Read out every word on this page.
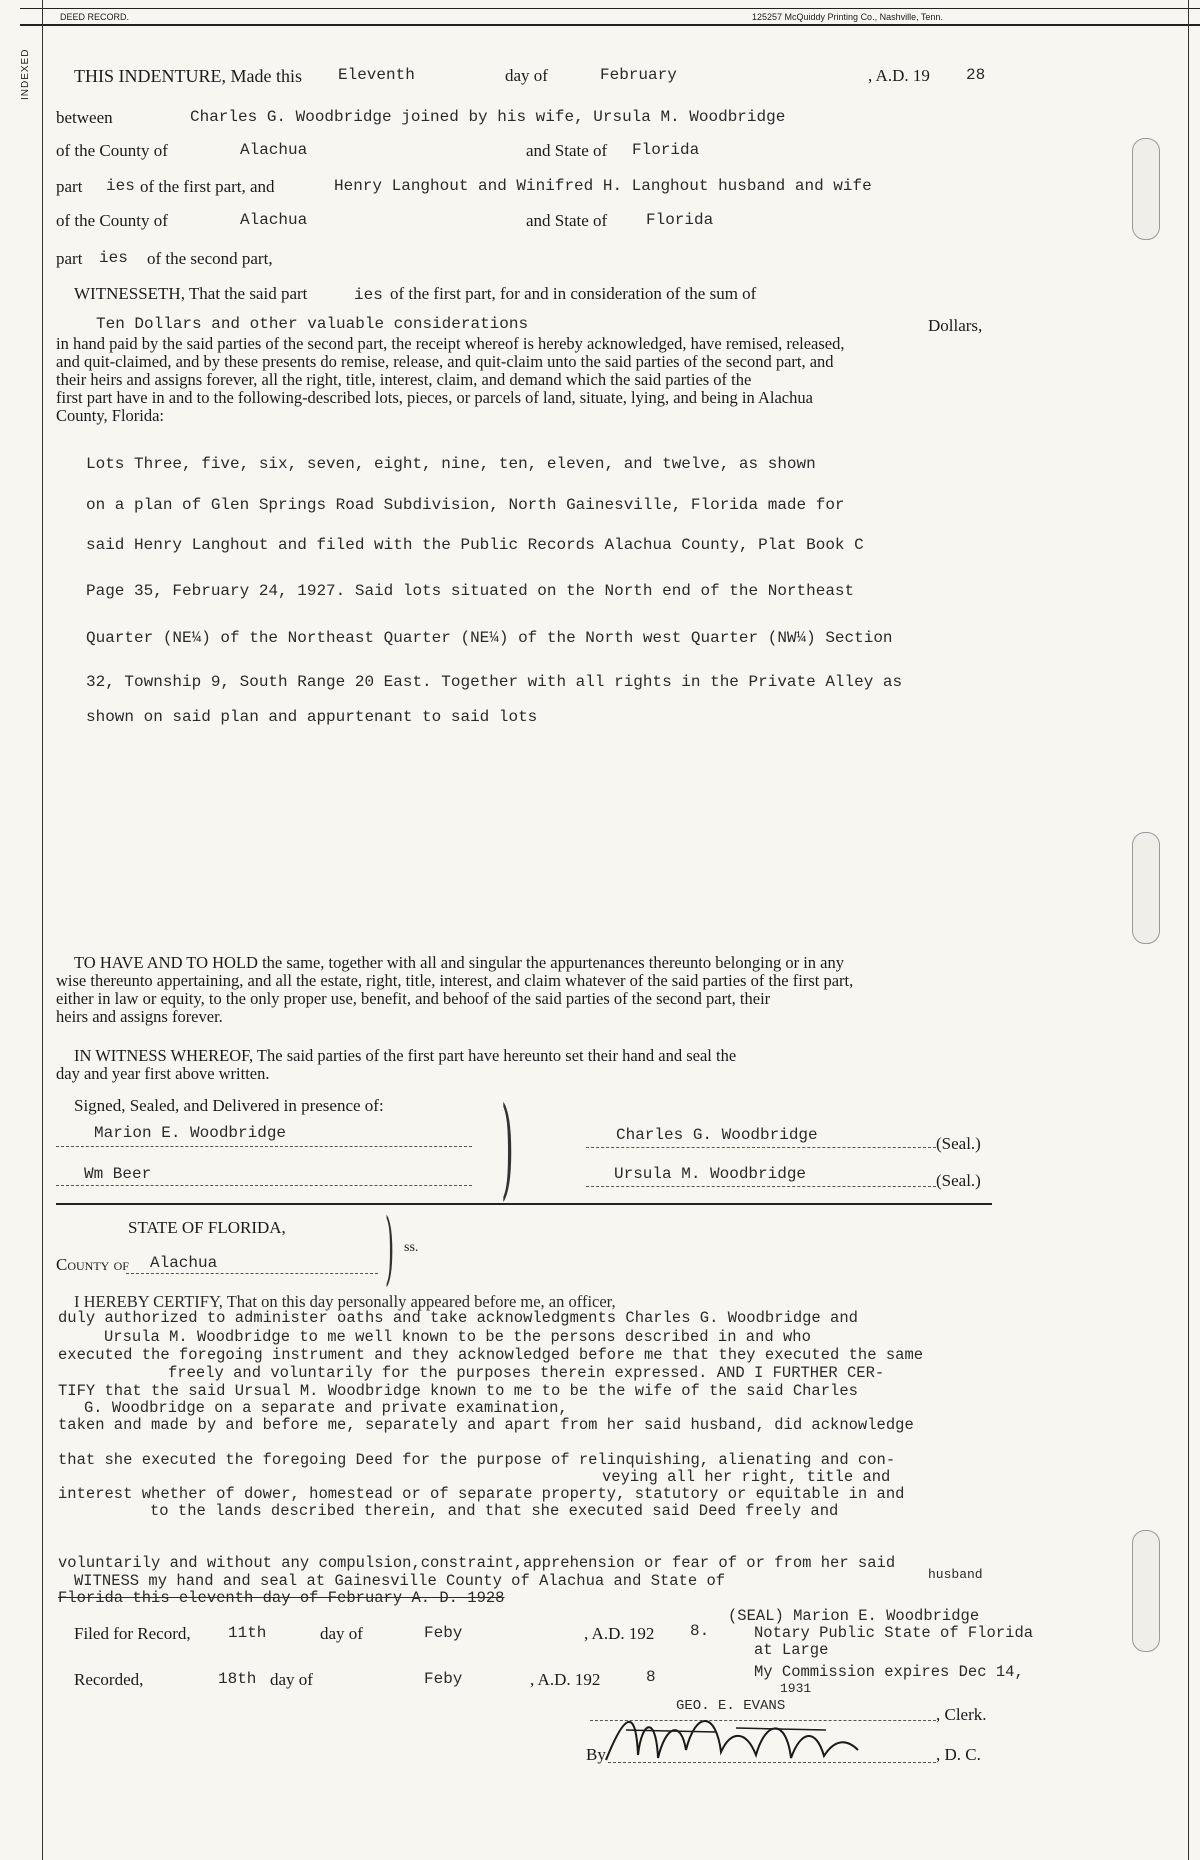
DEED RECORD.	125257 McQuiddy Printing Co., Nashville, Tenn.
INDEXED THIS INDENTURE, Made this Eleventh	day of	February	, A.D. 19 28
between	Charles G. Woodbridge joined by his wife, Ursula M. Woodbridge
of the County of	Alachua	and State of Florida
part ies of the first part, and	Henry Langhout and Winifred H. Langhout husband and wife
of the County of	Alachua	and State of Florida
part ies of the second part,
WITNESSETH, That the said part	ies of the first part, for and in consideration of the sum of
Ten Dollars and other valuable considerations	Dollars,
in hand paid by the said parties of the second part, the receipt whereof is hereby acknowledged, have remised, released,
and quit-claimed, and by these presents do remise, release, and quit-claim unto the said parties of the second part, and
their heirs and assigns forever, all the right, title, interest, claim, and demand which the said parties of the
first part have in and to the following-described lots, pieces, or parcels of land, situate, lying, and being in Alachua
County, Florida:
Lots Three, five, six, seven, eight, nine, ten, eleven, and twelve, as shown
on a plan of Glen Springs Road Subdivision, North Gainesville, Florida made for
said Henry Langhout and filed with the Public Records Alachua County, Plat Book C
Page 35, February 24, 1927. Said lots situated on the North end of the Northeast
Quarter (NE¼) of the Northeast Quarter (NE¼) of the North west Quarter (NW¼) Section
32, Township 9, South Range 20 East. Together with all rights in the Private Alley as
shown on said plan and appurtenant to said lots
TO HAVE AND TO HOLD the same, together with all and singular the appurtenances thereunto belonging or in any
wise thereunto appertaining, and all the estate, right, title, interest, and claim whatever of the said parties of the first part,
either in law or equity, to the only proper use, benefit, and behoof of the said parties of the second part, their
heirs and assigns forever.
IN WITNESS WHEREOF, The said parties of the first part have hereunto set their hand and seal the
day and year first above written.
Signed, Sealed, and Delivered in presence of: )
Marion E. Woodbridge
Wm Beer
Charles G. Woodbridge	(Seal.)
Ursula M. Woodbridge	(Seal.)
STATE OF FLORIDA,
County of Alachua ) ss.
I HEREBY CERTIFY, That on this day personally appeared before me, an officer,
duly authorized to administer oaths and take acknowledgments Charles G. Woodbridge and
Ursula M. Woodbridge to me well known to be the persons described in and who
executed the foregoing instrument and they acknowledged before me that they executed the same
freely and voluntarily for the purposes therein expressed. AND I FURTHER CER-
TIFY that the said Ursual M. Woodbridge known to me to be the wife of the said Charles
G. Woodbridge on a separate and private examination,
taken and made by and before me, separately and apart from her said husband, did acknowledge
that she executed the foregoing Deed for the purpose of relinquishing, alienating and con-
veying all her right, title and
interest whether of dower, homestead or of separate property, statutory or equitable in and
to the lands described therein, and that she executed said Deed freely and
voluntarily and without any compulsion,constraint,apprehension or fear of or from her said
husband
WITNESS my hand and seal at Gainesville County of Alachua and State of
Florida this eleventh day of February A. D. 1928
(SEAL) Marion E. Woodbridge
Notary Public State of Florida
at Large
My Commission expires Dec 14,
1931
Filed for Record, 11th	day of	Feby	, A.D. 192 8.
Recorded,	18th day of	Feby	, A.D. 192	8
GEO. E. EVANS	, Clerk.
By	, D. C.
